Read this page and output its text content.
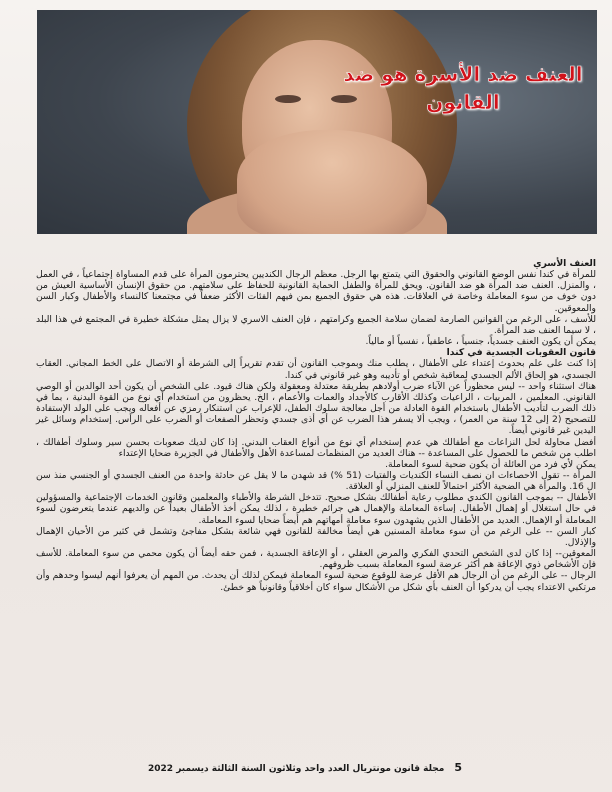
العنف ضد الأسرة هو ضد القانون

العنف الأسري

للمرأة في كندا نفس الوضع القانوني والحقوق التي يتمتع بها الرجل. معظم الرجال الكنديين يحترمون المرأة على قدم المساواة إجتماعياً ، في العمل ، والمنزل. العنف ضد المرأة هو ضد القانون. ويحق للمرأة والطفل الحماية القانونية للحفاظ على سلامتهم. من حقوق الإنسان الأساسية العيش من دون خوف من سوء المعاملة وخاصة في العلاقات. هذه هي حقوق الجميع بمن فيهم الفئات الأكثر ضعفاً في مجتمعنا كالنساء والأطفال وكبار السن والمعوقين.

للأسف ، على الرغم من القوانين الصارمة لضمان سلامة الجميع وكرامتهم ، فإن العنف الاسري لا يزال يمثل مشكلة خطيرة في المجتمع في هذا البلد ، لا سيما العنف ضد المرأة.

يمكن أن يكون العنف جسدياً، جنسياً ، عاطفياً ، نفسياً أو مالياً.

قانون العقوبات الجسدية في كندا

إذا كنت على علم بحدوث إعتداء على الأطفال ، يطلب منك وبموجب القانون أن تقدم تقريراً إلى الشرطة أو الاتصال على الخط المجاني. العقاب الجسدي، هو إلحاق الألم الجسدي لمعاقبة شخص أو تأديبه وهو غير قانوني في كندا.

هناك استثناء واحد -- ليس محظوراً عن الآباء ضرب أولادهم بطريقة معتدلة ومعقولة ولكن هناك قيود. على الشخص أن يكون أحد الوالدين أو الوصي القانوني. المعلمين ، المربيات ، الراعيات وكذلك الأقارب كالأجداد والعمات والأعمام ، الخ. يحظرون من استخدام أي نوع من القوة البدنية ، بما في ذلك الضرب لتأديب الأطفال باستخدام القوة العادلة من أجل معالجة سلوك الطفل، للإعراب عن استنكار رمزي عن أفعاله ويجب على الولد الإستفادة للتصحيح (2 إلى 12 سنة من العمر) ، ويجب ألا يسفر هذا الضرب عن أي أذى جسدي وتحظر الصفعات أو الضرب على الرأس. إستخدام وسائل غير اليدين غير قانوني أيضاً.

أفضل محاولة لحل النزاعات مع أطفالك هي عدم إستخدام أي نوع من أنواع العقاب البدني. إذا كان لديك صعوبات بحسن سير وسلوك أطفالك ، اطلب من شخص ما للحصول على المساعدة -- هناك العديد من المنظمات لمساعدة الأهل والأطفال في الجزيرة ضحايا الإعتداء

يمكن لأي فرد من العائلة أن يكون ضحية لسوء المعاملة.

المرأة -- تقول الاحصاءات ان نصف النساء الكنديات والفتيات (51 %) قد شهدن ما لا يقل عن حادثة واحدة من العنف الجسدي أو الجنسي منذ سن ال 16. والمرأة هي الضحية الأكثر احتمالاً للعنف المنزلي أو العلاقة.

الأطفال -- بموجب القانون الكندي مطلوب رعاية أطفالك بشكل صحيح. تتدخل الشرطة والأطباء والمعلمين وقانون الخدمات الإجتماعية والمسؤولين في حال استغلال أو إهمال الأطفال. إساءة المعاملة والإهمال هي جرائم خطيرة ، لذلك يمكن أخذ الأطفال بعيداً عن والديهم عندما يتعرضون لسوء المعاملة أو الإهمال. العديد من الأطفال الذين يشهدون سوء معاملة أمهاتهم هم أيضاً ضحايا لسوء المعاملة.

كبار السن -- على الرغم من أن سوء معاملة المسنين هي أيضاً مخالفة للقانون فهي شائعة بشكل مفاجئ وتشمل في كثير من الأحيان الإهمال والإذلال.

المعوقين-- إذا كان لدى الشخص التحدي الفكري والمرض العقلي ، أو الإعاقة الجسدية ، فمن حقه أيضاً أن يكون محمي من سوء المعاملة. للأسف فإن الأشخاص ذوي الإعاقة هم أكثر عرضة لسوء المعاملة بسبب ظروفهم.

الرجال -- على الرغم من أن الرجال هم الأقل عرضة للوقوع ضحية لسوء المعاملة فيمكن لذلك أن يحدث. من المهم أن يعرفوا أنهم ليسوا وحدهم وأن مرتكبي الاعتداء يجب أن يدركوا أن العنف بأي شكل من الأشكال سواء كان أخلاقياً وقانونياً هو خطئ.

5مجلة قانون مونتريال العدد واحد وثلاثون السنة الثالثة ديسمبر 2022
